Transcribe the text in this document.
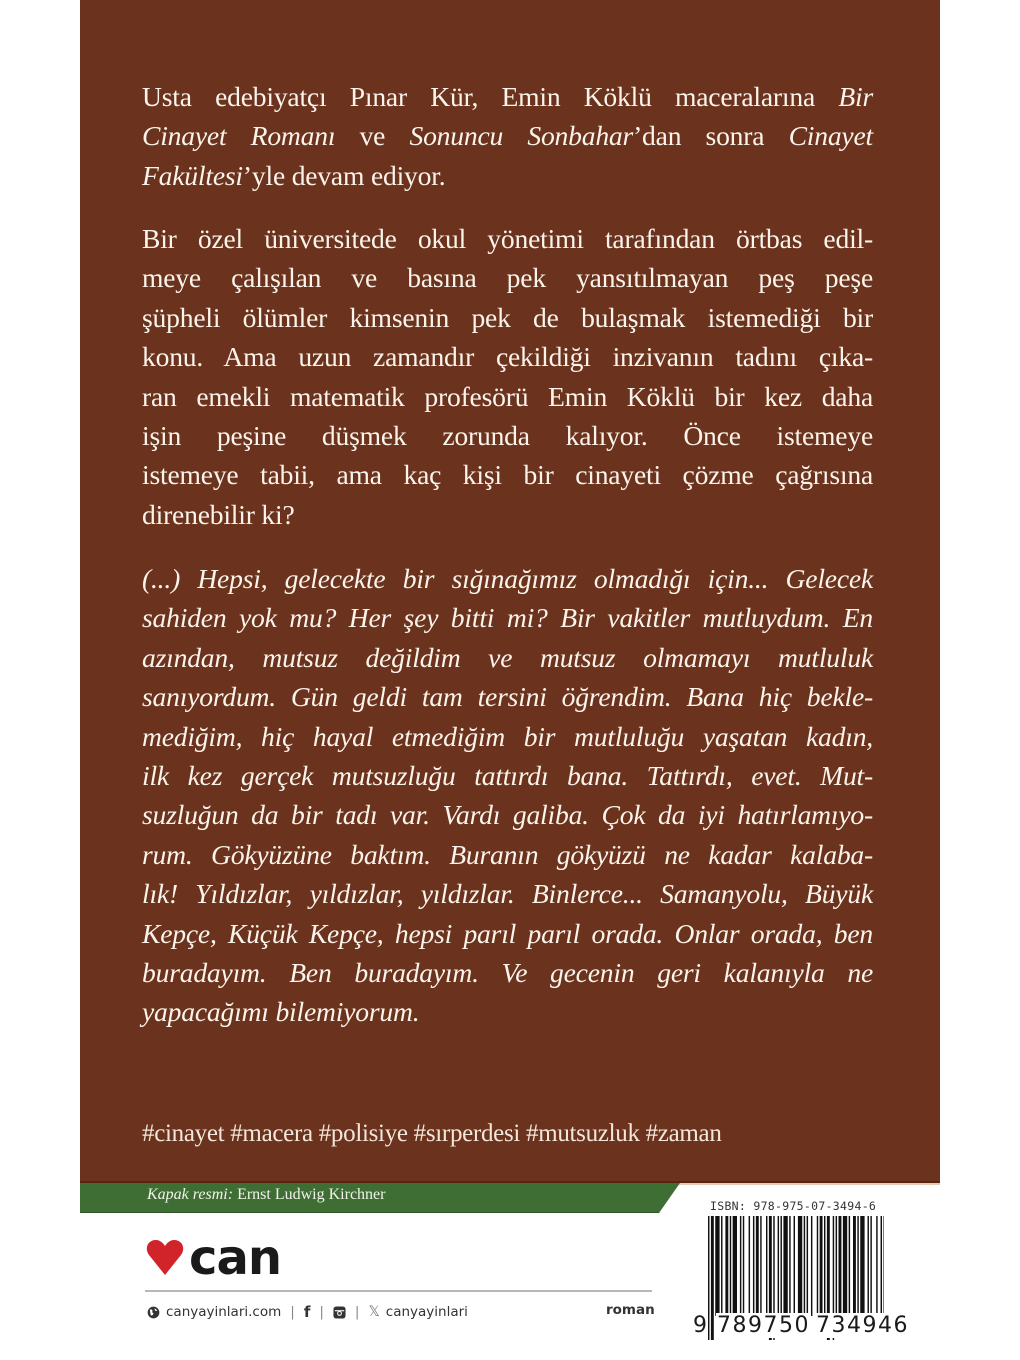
Usta edebiyatçı Pınar Kür, Emin Köklü maceralarına Bir
Cinayet Romanı ve Sonuncu Sonbahar’dan sonra Cinayet
Fakültesi’yle devam ediyor.
Bir özel üniversitede okul yönetimi tarafından örtbas edil-
meye çalışılan ve basına pek yansıtılmayan peş peşe
şüpheli ölümler kimsenin pek de bulaşmak istemediği bir
konu. Ama uzun zamandır çekildiği inzivanın tadını çıka-
ran emekli matematik profesörü Emin Köklü bir kez daha
işin peşine düşmek zorunda kalıyor. Önce istemeye
istemeye tabii, ama kaç kişi bir cinayeti çözme çağrısına
direnebilir ki?
(...) Hepsi, gelecekte bir sığınağımız olmadığı için... Gelecek
sahiden yok mu? Her şey bitti mi? Bir vakitler mutluydum. En
azından, mutsuz değildim ve mutsuz olmamayı mutluluk
sanıyordum. Gün geldi tam tersini öğrendim. Bana hiç bekle-
mediğim, hiç hayal etmediğim bir mutluluğu yaşatan kadın,
ilk kez gerçek mutsuzluğu tattırdı bana. Tattırdı, evet. Mut-
suzluğun da bir tadı var. Vardı galiba. Çok da iyi hatırlamıyo-
rum. Gökyüzüne baktım. Buranın gökyüzü ne kadar kalaba-
lık! Yıldızlar, yıldızlar, yıldızlar. Binlerce... Samanyolu, Büyük
Kepçe, Küçük Kepçe, hepsi parıl parıl orada. Onlar orada, ben
buradayım. Ben buradayım. Ve gecenin geri kalanıyla ne
yapacağımı bilemiyorum.
#cinayet #macera #polisiye #sırperdesi #mutsuzluk #zaman
Kapak resmi: Ernst Ludwig Kirchner
can
canyayinlari.com | f | | 𝕏 canyayinlari	roman
ISBN: 978-975-07-3494-6
9 789750 734946
